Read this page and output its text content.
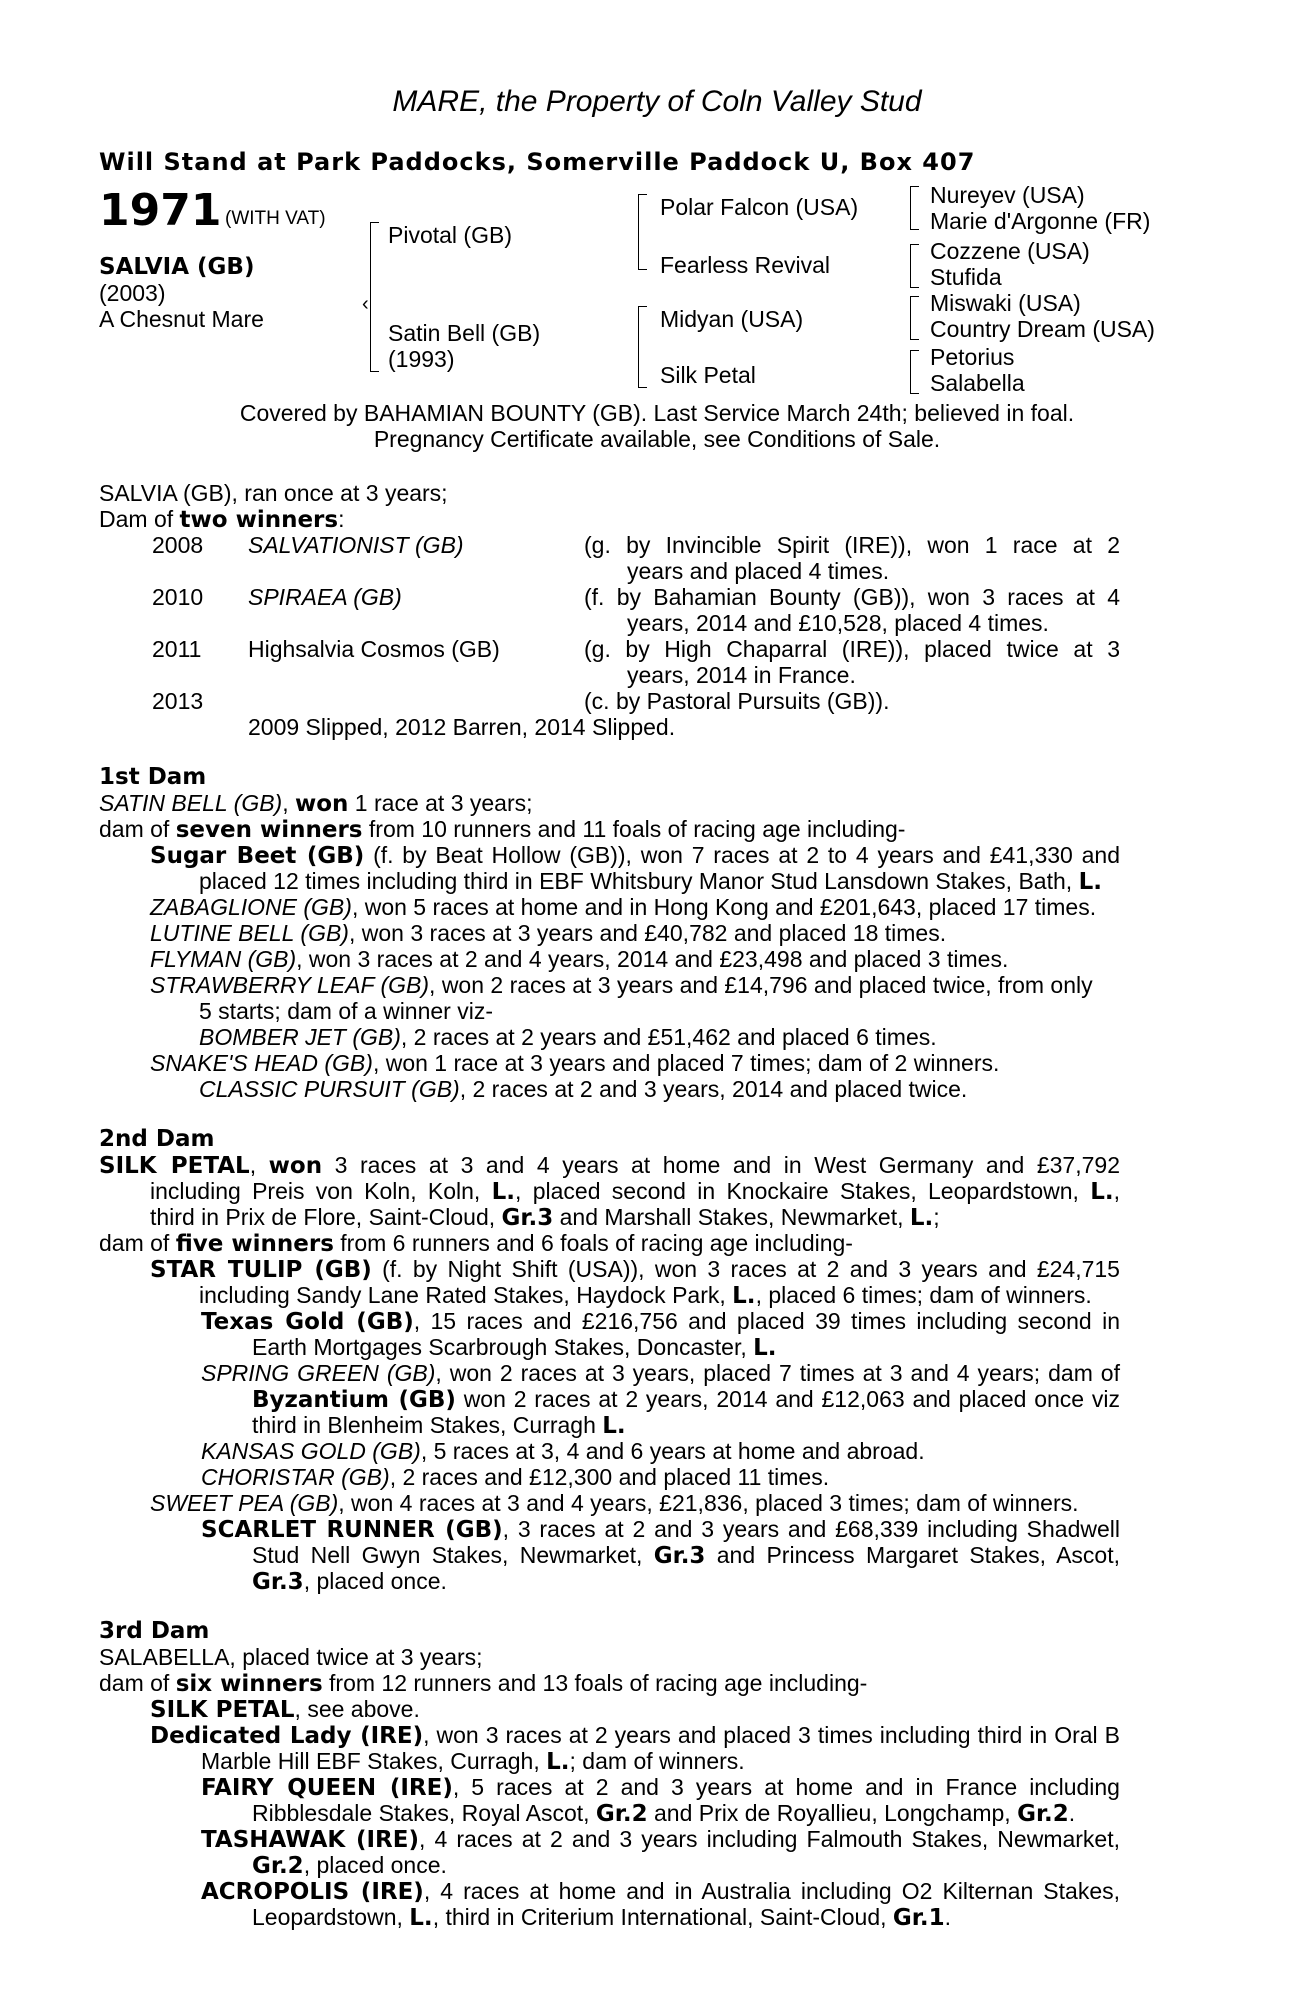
MARE, the Property of Coln Valley Stud
Will Stand at Park Paddocks, Somerville Paddock U, Box 407
1971 (WITH VAT)
SALVIA (GB)
(2003)
A Chesnut Mare
‹
Pivotal (GB)
Satin Bell (GB)
(1993)
Polar Falcon (USA)
Fearless Revival
Midyan (USA)
Silk Petal
Nureyev (USA)
Marie d'Argonne (FR)
Cozzene (USA)
Stufida
Miswaki (USA)
Country Dream (USA)
Petorius
Salabella
Covered by BAHAMIAN BOUNTY (GB). Last Service March 24th; believed in foal.
Pregnancy Certificate available, see Conditions of Sale.
SALVIA (GB), ran once at 3 years;
Dam of two winners:
2008 SALVATIONIST (GB)	(g. by Invincible Spirit (IRE)), won 1 race at 2
years and placed 4 times.
2010 SPIRAEA (GB)	(f. by Bahamian Bounty (GB)), won 3 races at 4
years, 2014 and £10,528, placed 4 times.
2011 Highsalvia Cosmos (GB)	(g. by High Chaparral (IRE)), placed twice at 3
years, 2014 in France.
2013	(c. by Pastoral Pursuits (GB)).
2009 Slipped, 2012 Barren, 2014 Slipped.
1st Dam
SATIN BELL (GB), won 1 race at 3 years;
dam of seven winners from 10 runners and 11 foals of racing age including-
Sugar Beet (GB) (f. by Beat Hollow (GB)), won 7 races at 2 to 4 years and £41,330 and
placed 12 times including third in EBF Whitsbury Manor Stud Lansdown Stakes, Bath, L.
ZABAGLIONE (GB), won 5 races at home and in Hong Kong and £201,643, placed 17 times.
LUTINE BELL (GB), won 3 races at 3 years and £40,782 and placed 18 times.
FLYMAN (GB), won 3 races at 2 and 4 years, 2014 and £23,498 and placed 3 times.
STRAWBERRY LEAF (GB), won 2 races at 3 years and £14,796 and placed twice, from only
5 starts; dam of a winner viz-
BOMBER JET (GB), 2 races at 2 years and £51,462 and placed 6 times.
SNAKE'S HEAD (GB), won 1 race at 3 years and placed 7 times; dam of 2 winners.
CLASSIC PURSUIT (GB), 2 races at 2 and 3 years, 2014 and placed twice.
2nd Dam
SILK PETAL, won 3 races at 3 and 4 years at home and in West Germany and £37,792
including Preis von Koln, Koln, L., placed second in Knockaire Stakes, Leopardstown, L.,
third in Prix de Flore, Saint-Cloud, Gr.3 and Marshall Stakes, Newmarket, L.;
dam of five winners from 6 runners and 6 foals of racing age including-
STAR TULIP (GB) (f. by Night Shift (USA)), won 3 races at 2 and 3 years and £24,715
including Sandy Lane Rated Stakes, Haydock Park, L., placed 6 times; dam of winners.
Texas Gold (GB), 15 races and £216,756 and placed 39 times including second in
Earth Mortgages Scarbrough Stakes, Doncaster, L.
SPRING GREEN (GB), won 2 races at 3 years, placed 7 times at 3 and 4 years; dam of
Byzantium (GB) won 2 races at 2 years, 2014 and £12,063 and placed once viz
third in Blenheim Stakes, Curragh L.
KANSAS GOLD (GB), 5 races at 3, 4 and 6 years at home and abroad.
CHORISTAR (GB), 2 races and £12,300 and placed 11 times.
SWEET PEA (GB), won 4 races at 3 and 4 years, £21,836, placed 3 times; dam of winners.
SCARLET RUNNER (GB), 3 races at 2 and 3 years and £68,339 including Shadwell
Stud Nell Gwyn Stakes, Newmarket, Gr.3 and Princess Margaret Stakes, Ascot,
Gr.3, placed once.
3rd Dam
SALABELLA, placed twice at 3 years;
dam of six winners from 12 runners and 13 foals of racing age including-
SILK PETAL, see above.
Dedicated Lady (IRE), won 3 races at 2 years and placed 3 times including third in Oral B
Marble Hill EBF Stakes, Curragh, L.; dam of winners.
FAIRY QUEEN (IRE), 5 races at 2 and 3 years at home and in France including
Ribblesdale Stakes, Royal Ascot, Gr.2 and Prix de Royallieu, Longchamp, Gr.2.
TASHAWAK (IRE), 4 races at 2 and 3 years including Falmouth Stakes, Newmarket,
Gr.2, placed once.
ACROPOLIS (IRE), 4 races at home and in Australia including O2 Kilternan Stakes,
Leopardstown, L., third in Criterium International, Saint-Cloud, Gr.1.
